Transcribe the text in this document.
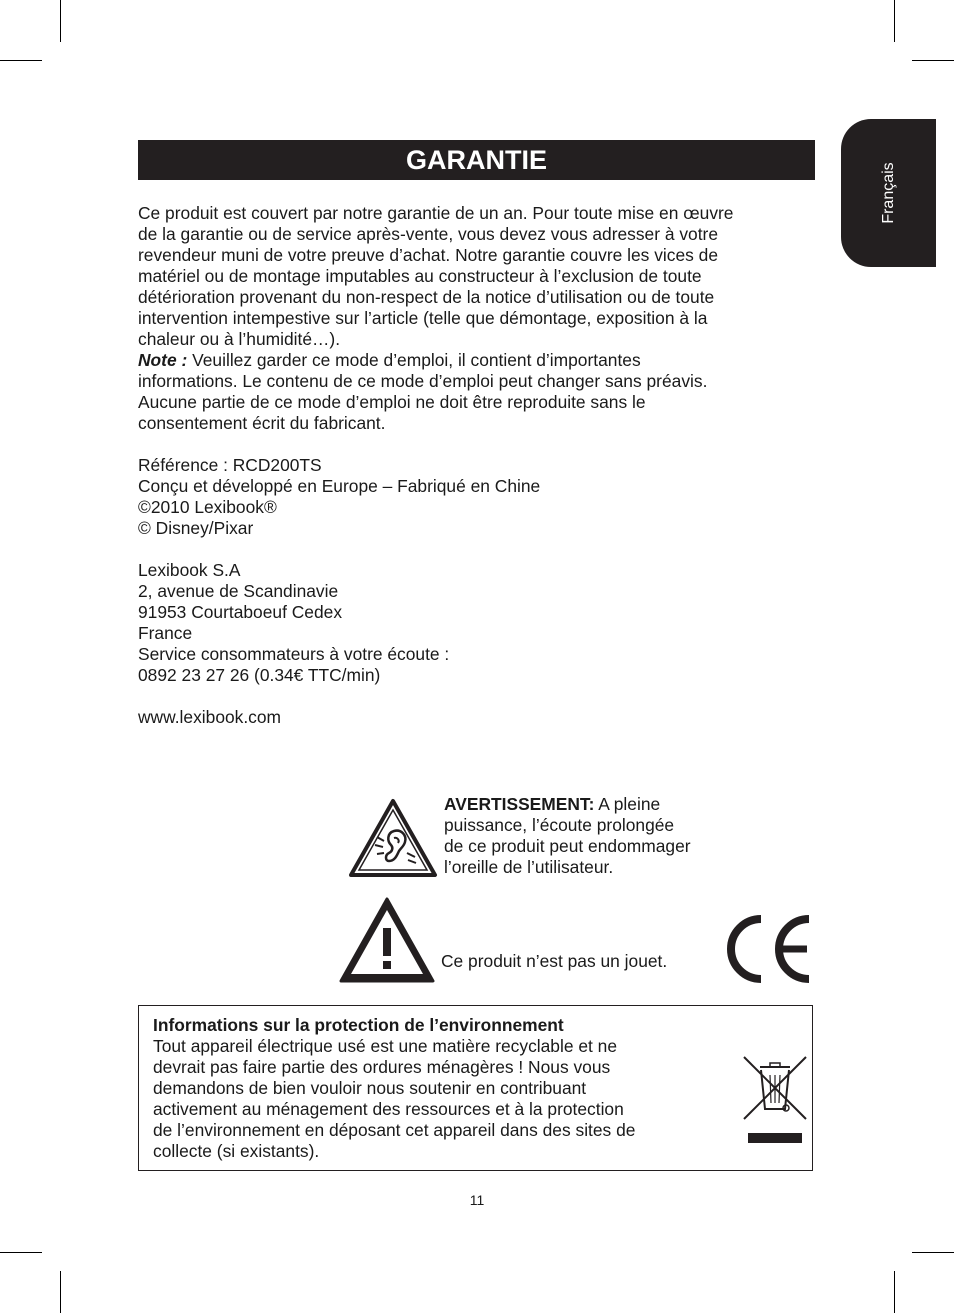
Français
GARANTIE

Ce produit est couvert par notre garantie de un an. Pour toute mise en œuvre

de la garantie ou de service après-vente, vous devez vous adresser à votre

revendeur muni de votre preuve d’achat. Notre garantie couvre les vices de

matériel ou de montage imputables au constructeur à l’exclusion de toute

détérioration provenant du non-respect de la notice d’utilisation ou de toute

intervention intempestive sur l’article (telle que démontage, exposition à la

chaleur ou à l’humidité…).

Note : Veuillez garder ce mode d’emploi, il contient d’importantes

informations. Le contenu de ce mode d’emploi peut changer sans préavis.

Aucune partie de ce mode d’emploi ne doit être reproduite sans le

consentement écrit du fabricant.

Référence : RCD200TS

Conçu et développé en Europe – Fabriqué en Chine

©2010 Lexibook®

© Disney/Pixar

Lexibook S.A

2, avenue de Scandinavie

91953 Courtaboeuf Cedex

France

Service consommateurs à votre écoute :

0892 23 27 26 (0.34€ TTC/min)

www.lexibook.com

AVERTISSEMENT: A pleine
puissance, l’écoute prolongée
de ce produit peut endommager
l’oreille de l’utilisateur.
Ce produit n’est pas un jouet.
Informations sur la protection de l’environnement
Tout appareil électrique usé est une matière recyclable et ne
devrait pas faire partie des ordures ménagères ! Nous vous
demandons de bien vouloir nous soutenir en contribuant
activement au ménagement des ressources et à la protection
de l’environnement en déposant cet appareil dans des sites de
collecte (si existants).
11
